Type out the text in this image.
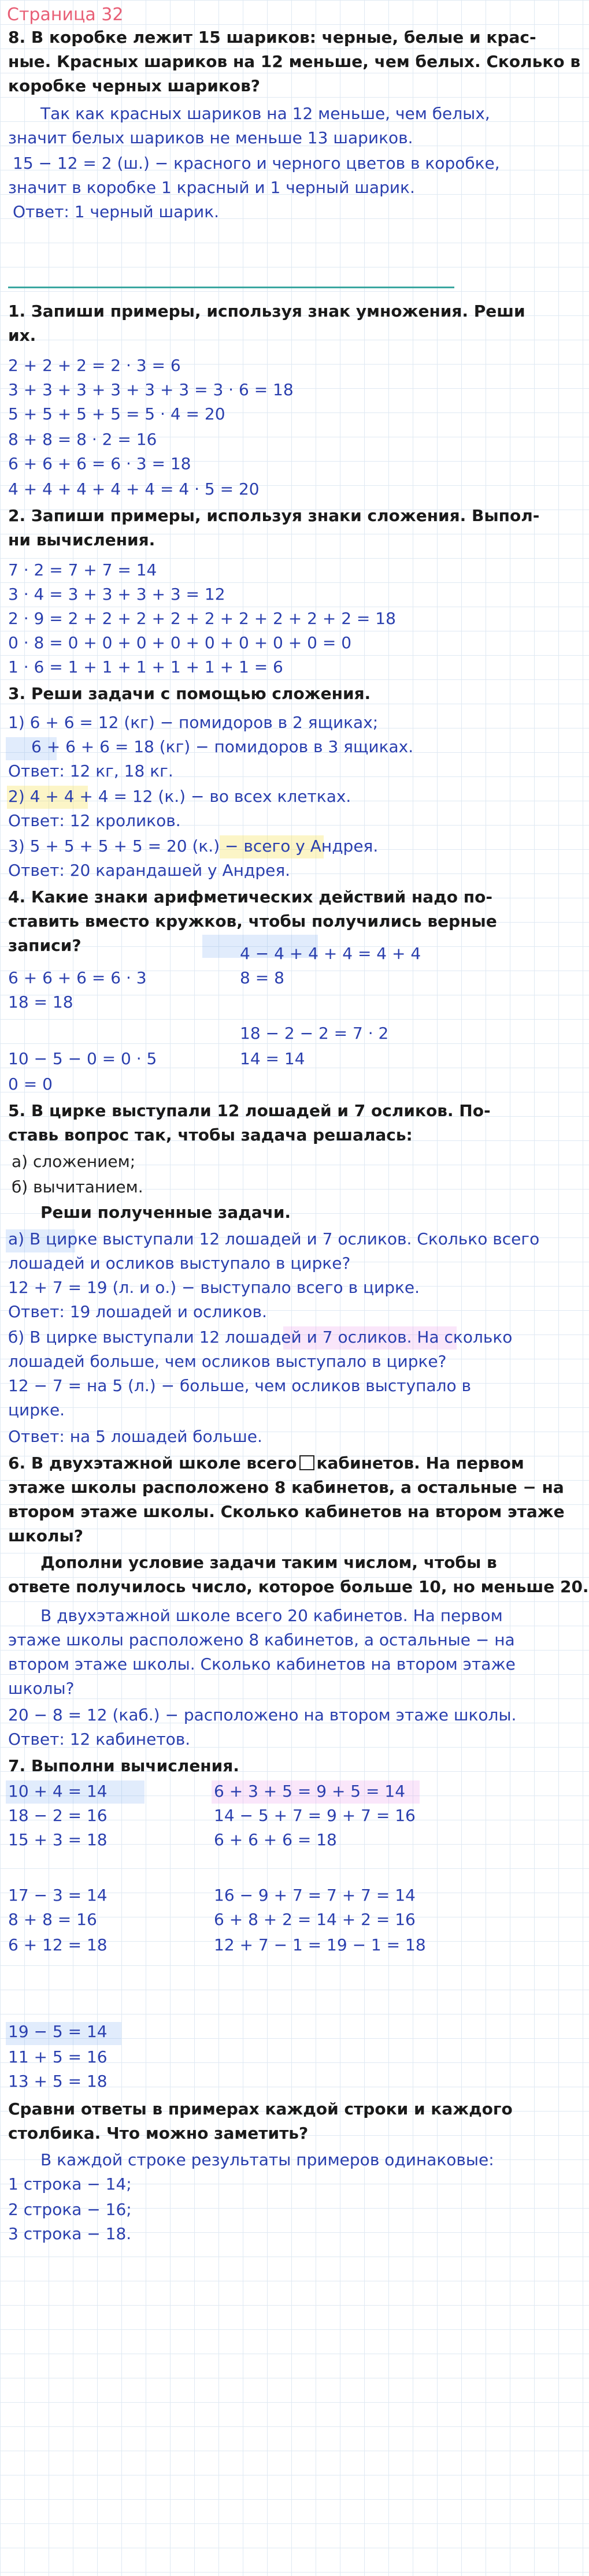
Страница 32
8. В коробке лежит 15 шариков: черные, белые и крас-
ные. Красных шариков на 12 меньше, чем белых. Сколько в
коробке черных шариков?
Так как красных шариков на 12 меньше, чем белых,
значит белых шариков не меньше 13 шариков.
15 − 12 = 2 (ш.) − красного и черного цветов в коробке,
значит в коробке 1 красный и 1 черный шарик.
Ответ: 1 черный шарик.
1. Запиши примеры, используя знак умножения. Реши
их.
2 + 2 + 2 = 2 · 3 = 6
3 + 3 + 3 + 3 + 3 + 3 = 3 · 6 = 18
5 + 5 + 5 + 5 = 5 · 4 = 20
8 + 8 = 8 · 2 = 16
6 + 6 + 6 = 6 · 3 = 18
4 + 4 + 4 + 4 + 4 = 4 · 5 = 20
2. Запиши примеры, используя знаки сложения. Выпол-
ни вычисления.
7 · 2 = 7 + 7 = 14
3 · 4 = 3 + 3 + 3 + 3 = 12
2 · 9 = 2 + 2 + 2 + 2 + 2 + 2 + 2 + 2 + 2 = 18
0 · 8 = 0 + 0 + 0 + 0 + 0 + 0 + 0 + 0 = 0
1 · 6 = 1 + 1 + 1 + 1 + 1 + 1 = 6
3. Реши задачи с помощью сложения.
1) 6 + 6 = 12 (кг) − помидоров в 2 ящиках;
6 + 6 + 6 = 18 (кг) − помидоров в 3 ящиках.
Ответ: 12 кг, 18 кг.
2) 4 + 4 + 4 = 12 (к.) − во всех клетках.
Ответ: 12 кроликов.
3) 5 + 5 + 5 + 5 = 20 (к.) − всего у Андрея.
Ответ: 20 карандашей у Андрея.
4. Какие знаки арифметических действий надо по-
ставить вместо кружков, чтобы получились верные
записи?
6 + 6 + 6 = 6 · 3
18 = 18
10 − 5 − 0 = 0 · 5
0 = 0
4 − 4 + 4 + 4 = 4 + 4
8 = 8
18 − 2 − 2 = 7 · 2
14 = 14
5. В цирке выступали 12 лошадей и 7 осликов. По-
ставь вопрос так, чтобы задача решалась:
а) сложением;
б) вычитанием.
Реши полученные задачи.
а) В цирке выступали 12 лошадей и 7 осликов. Сколько всего
лошадей и осликов выступало в цирке?
12 + 7 = 19 (л. и о.) − выступало всего в цирке.
Ответ: 19 лошадей и осликов.
б) В цирке выступали 12 лошадей и 7 осликов. На сколько
лошадей больше, чем осликов выступало в цирке?
12 − 7 = на 5 (л.) − больше, чем осликов выступало в
цирке.
Ответ: на 5 лошадей больше.
6. В двухэтажной школе всего кабинетов. На первом
этаже школы расположено 8 кабинетов, а остальные − на
втором этаже школы. Сколько кабинетов на втором этаже
школы?
Дополни условие задачи таким числом, чтобы в
ответе получилось число, которое больше 10, но меньше 20.
В двухэтажной школе всего 20 кабинетов. На первом
этаже школы расположено 8 кабинетов, а остальные − на
втором этаже школы. Сколько кабинетов на втором этаже
школы?
20 − 8 = 12 (каб.) − расположено на втором этаже школы.
Ответ: 12 кабинетов.
7. Выполни вычисления.
10 + 4 = 14
18 − 2 = 16
15 + 3 = 18
17 − 3 = 14
8 + 8 = 16
6 + 12 = 18
19 − 5 = 14
11 + 5 = 16
13 + 5 = 18
6 + 3 + 5 = 9 + 5 = 14
14 − 5 + 7 = 9 + 7 = 16
6 + 6 + 6 = 18
16 − 9 + 7 = 7 + 7 = 14
6 + 8 + 2 = 14 + 2 = 16
12 + 7 − 1 = 19 − 1 = 18
Сравни ответы в примерах каждой строки и каждого
столбика. Что можно заметить?
В каждой строке результаты примеров одинаковые:
1 строка − 14;
2 строка − 16;
3 строка − 18.
